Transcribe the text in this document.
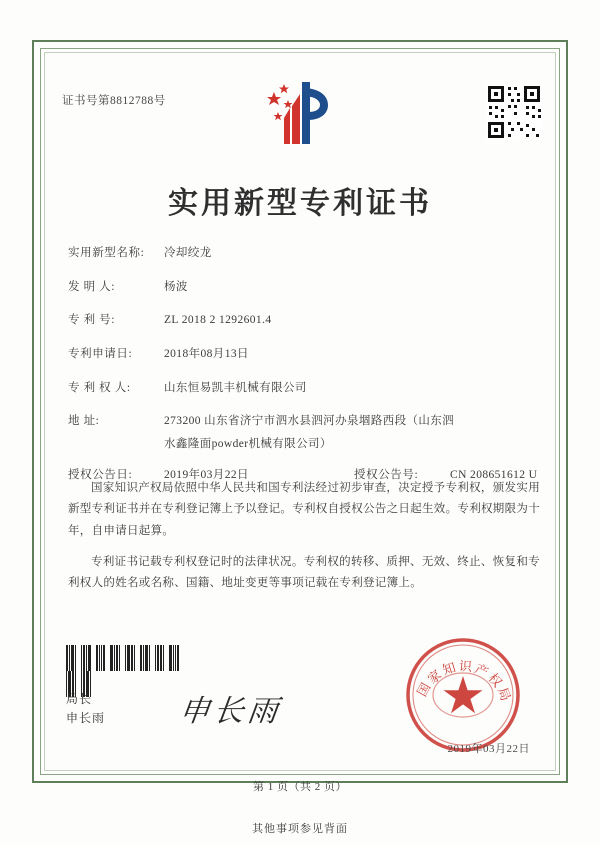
证书号第8812788号
实用新型专利证书
实用新型名称:	冷却绞龙
发 明 人:	杨波
专 利 号:	ZL 2018 2 1292601.4
专利申请日:	2018年08月13日
专 利 权 人:	山东恒易凯丰机械有限公司
地 址:	273200 山东省济宁市泗水县泗河办泉堌路西段（山东泗
水鑫隆面powder机械有限公司）
授权公告日:	2019年03月22日	授权公告号:	CN 208651612 U

国家知识产权局依照中华人民共和国专利法经过初步审查，决定授予专利权，颁发实用新型专利证书并在专利登记簿上予以登记。专利权自授权公告之日起生效。专利权期限为十年，自申请日起算。

专利证书记载专利权登记时的法律状况。专利权的转移、质押、无效、终止、恢复和专利权人的姓名或名称、国籍、地址变更等事项记载在专利登记簿上。

局长
申长雨 申长雨
国家知识产权局
2019年03月22日
第 1 页（共 2 页）
其他事项参见背面
